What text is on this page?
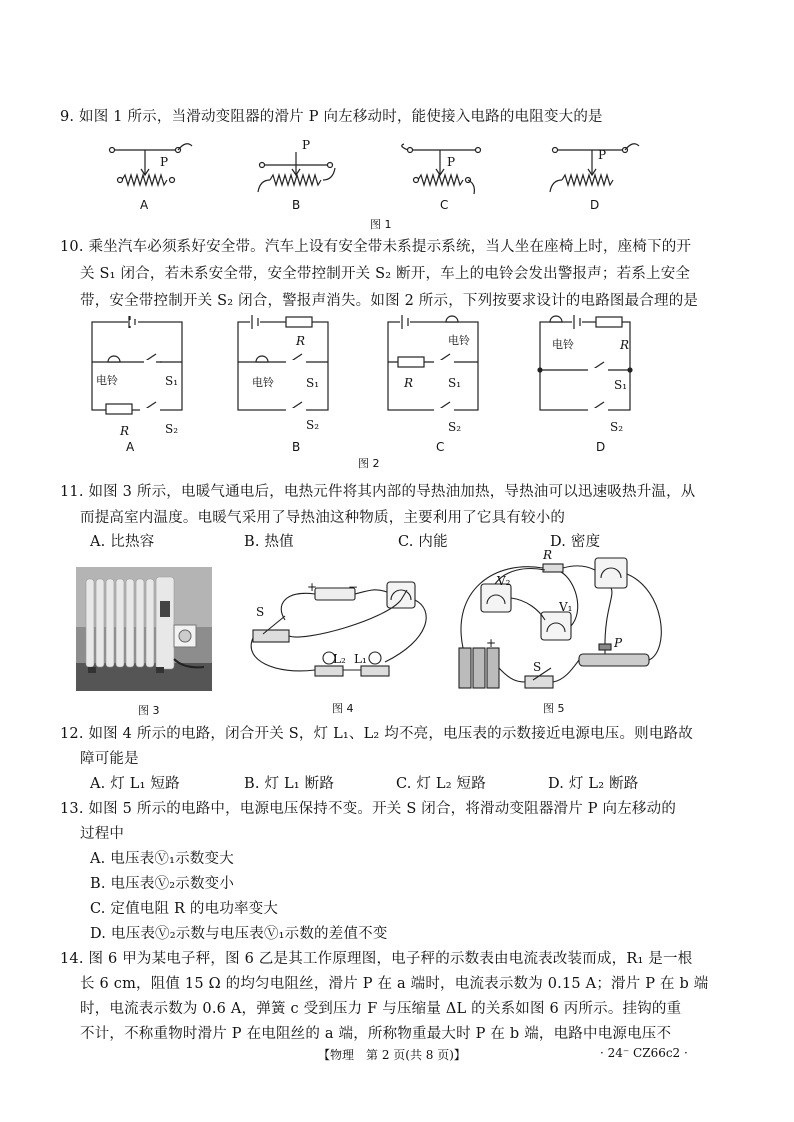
9. 如图 1 所示，当滑动变阻器的滑片 P 向左移动时，能使接入电路的电阻变大的是
P
P
P	P
A	B	C	D
图 1
10. 乘坐汽车必须系好安全带。汽车上设有安全带未系提示系统，当人坐在座椅上时，座椅下的开
关 S₁ 闭合，若未系安全带，安全带控制开关 S₂ 断开，车上的电铃会发出警报声；若系上安全
带，安全带控制开关 S₂ 闭合，警报声消失。如图 2 所示，下列按要求设计的电路图最合理的是
电铃	S₁
R	S₂
A
R
电铃	S₁
S₂
B
电铃
R	S₁
S₂
C
电铃	R
S₁
S₂
D
图 2
11. 如图 3 所示，电暖气通电后，电热元件将其内部的导热油加热，导热油可以迅速吸热升温，从
而提高室内温度。电暖气采用了导热油这种物质，主要利用了它具有较小的
A. 比热容	B. 热值	C. 内能	D. 密度
图 3
+	−
S
L₂ L₁
图 4
R
V₂
V₁
+
S
P
图 5
12. 如图 4 所示的电路，闭合开关 S，灯 L₁、L₂ 均不亮，电压表的示数接近电源电压。则电路故
障可能是
A. 灯 L₁ 短路	B. 灯 L₁ 断路	C. 灯 L₂ 短路	D. 灯 L₂ 断路
13. 如图 5 所示的电路中，电源电压保持不变。开关 S 闭合，将滑动变阻器滑片 P 向左移动的
过程中
A. 电压表Ⓥ₁示数变大
B. 电压表Ⓥ₂示数变小
C. 定值电阻 R 的电功率变大
D. 电压表Ⓥ₂示数与电压表Ⓥ₁示数的差值不变
14. 图 6 甲为某电子秤，图 6 乙是其工作原理图，电子秤的示数表由电流表改装而成，R₁ 是一根
长 6 cm，阻值 15 Ω 的均匀电阻丝，滑片 P 在 a 端时，电流表示数为 0.15 A；滑片 P 在 b 端
时，电流表示数为 0.6 A，弹簧 c 受到压力 F 与压缩量 ΔL 的关系如图 6 丙所示。挂钩的重
不计，不称重物时滑片 P 在电阻丝的 a 端，所称物重最大时 P 在 b 端，电路中电源电压不
【物理　第 2 页(共 8 页)】	· 24⁻ CZ66c2 ·
